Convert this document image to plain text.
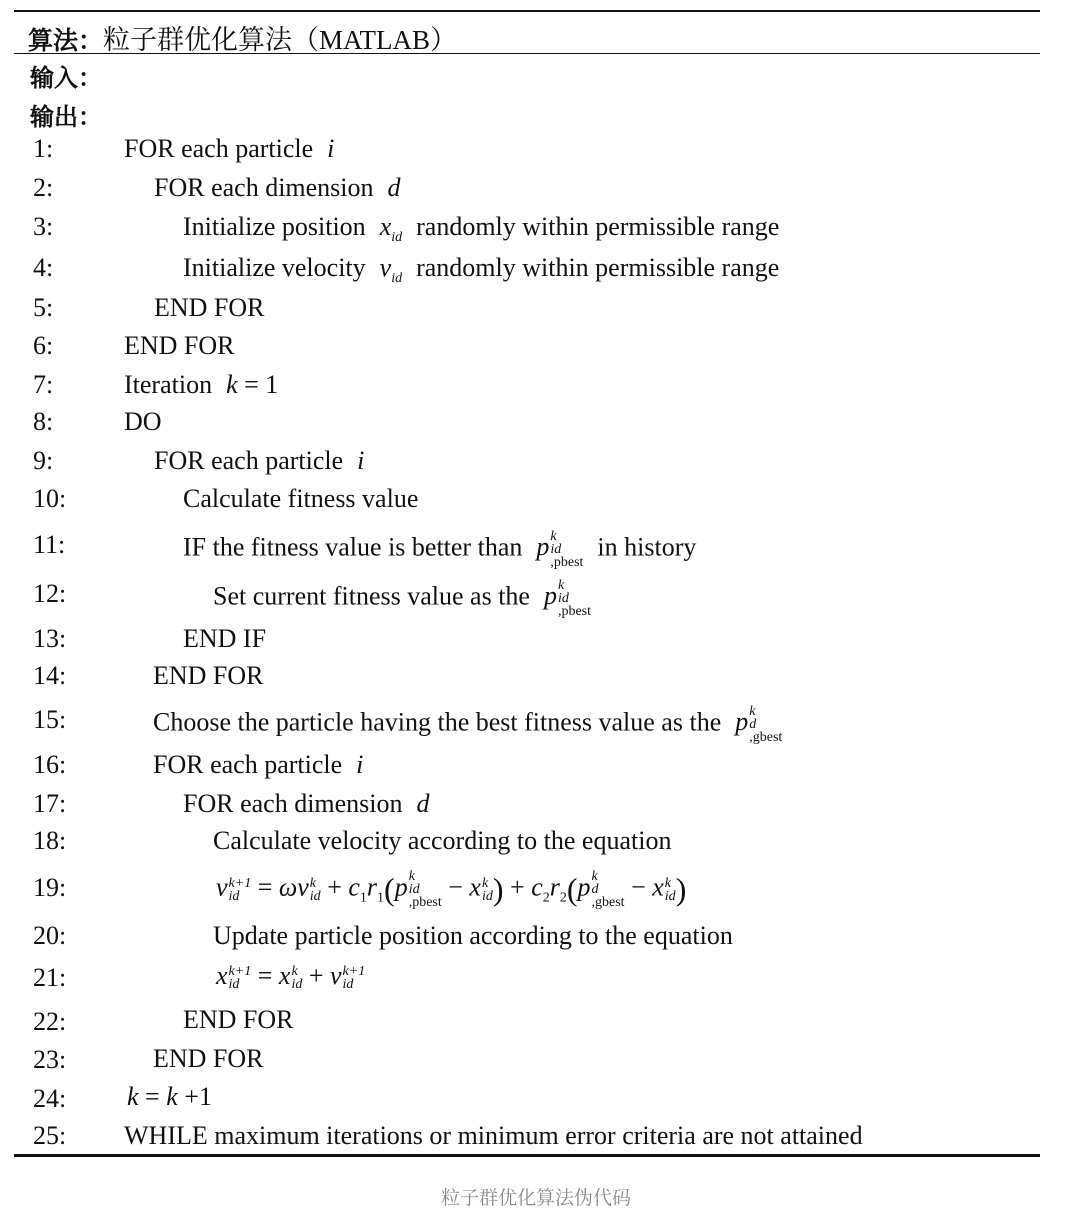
算法：粒子群优化算法（MATLAB）
输入：
输出：
1:
2:
3:
4:
5:
6:
7:
8:
9:
10:
11:
12:
13:
14:
15:
16:
17:
18:
19:
20:
21:
22:
23:
24:
25:
FOR each particle i
FOR each dimension d
Initialize position $x_{id}$ randomly within permissible range
Initialize velocity $v_{id}$ randomly within permissible range
END FOR
END FOR
Iteration k = 1
DO
FOR each particle i
Calculate fitness value
IF the fitness value is better than p k
id
,pbest
in history
Set current fitness value as the p k
id
,pbest
END IF
END FOR
Choose the particle having the best fitness value as the p k
d
,gbest
FOR each particle i
FOR each dimension d
Calculate velocity according to the equation
v k+1
id = ωv k
id + $c_1r_1(p$ k
id
,pbest
− x k
id ) + $c_2r_2(p$ k
d
,gbest
− x k
id )
Update particle position according to the equation
x k+1
id = x k
id + v k+1
id
END FOR
END FOR
k = k +1
WHILE maximum iterations or minimum error criteria are not attained
粒子群优化算法伪代码
